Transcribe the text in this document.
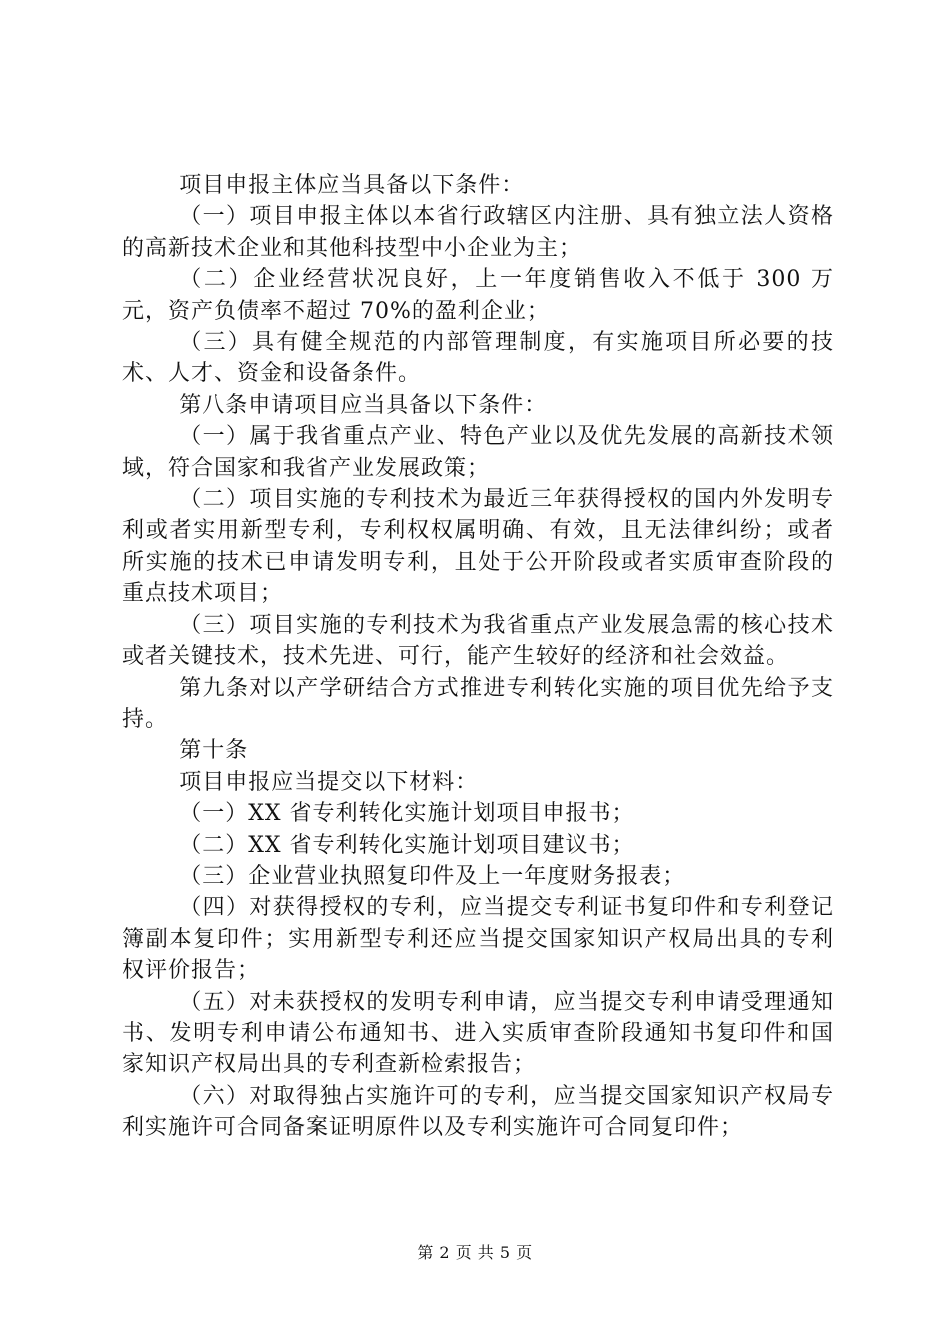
项目申报主体应当具备以下条件：

（一）项目申报主体以本省行政辖区内注册、具有独立法人资格的高新技术企业和其他科技型中小企业为主；

（二）企业经营状况良好，上一年度销售收入不低于 300 万元，资产负债率不超过 70%的盈利企业；

（三）具有健全规范的内部管理制度，有实施项目所必要的技术、人才、资金和设备条件。

第八条申请项目应当具备以下条件：

（一）属于我省重点产业、特色产业以及优先发展的高新技术领域，符合国家和我省产业发展政策；

（二）项目实施的专利技术为最近三年获得授权的国内外发明专利或者实用新型专利，专利权权属明确、有效，且无法律纠纷；或者所实施的技术已申请发明专利，且处于公开阶段或者实质审查阶段的重点技术项目；

（三）项目实施的专利技术为我省重点产业发展急需的核心技术或者关键技术，技术先进、可行，能产生较好的经济和社会效益。

第九条对以产学研结合方式推进专利转化实施的项目优先给予支持。

第十条

项目申报应当提交以下材料：

（一）XX 省专利转化实施计划项目申报书；

（二）XX 省专利转化实施计划项目建议书；

（三）企业营业执照复印件及上一年度财务报表；

（四）对获得授权的专利，应当提交专利证书复印件和专利登记簿副本复印件；实用新型专利还应当提交国家知识产权局出具的专利权评价报告；

（五）对未获授权的发明专利申请，应当提交专利申请受理通知书、发明专利申请公布通知书、进入实质审查阶段通知书复印件和国家知识产权局出具的专利查新检索报告；

（六）对取得独占实施许可的专利，应当提交国家知识产权局专利实施许可合同备案证明原件以及专利实施许可合同复印件；

第 2 页 共 5 页
